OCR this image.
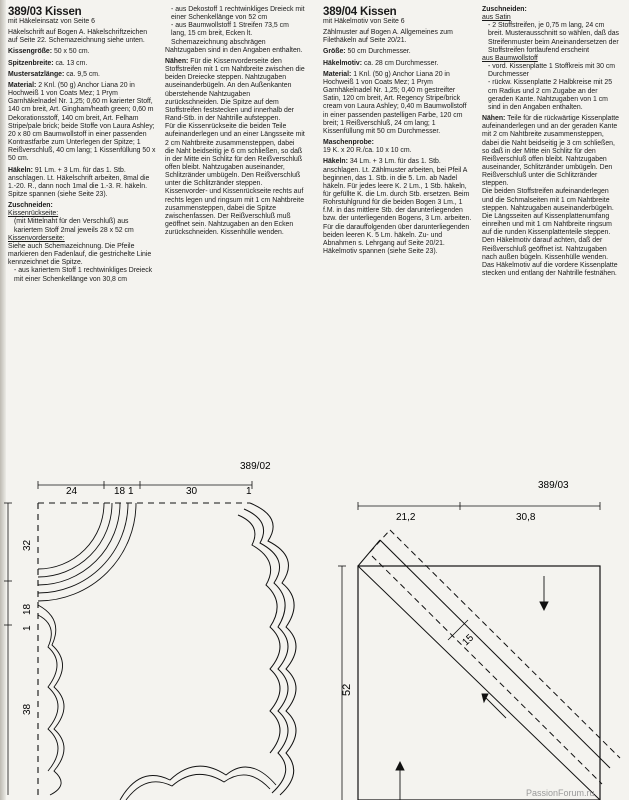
389/03 Kissen

mit Häkeleinsatz von Seite 6

Häkelschrift auf Bogen A. Häkelschriftzeichen auf Seite 22. Schemazeichnung siehe unten.

Kissengröße: 50 x 50 cm.

Spitzenbreite: ca. 13 cm.

Mustersatzlänge: ca. 9,5 cm.

Material: 2 Knl. (50 g) Anchor Liana 20 in Hochweiß 1 von Coats Mez; 1 Prym Garnhäkelnadel Nr. 1,25; 0,60 m karierter Stoff, 140 cm breit, Art. Gingham/heath green; 0,60 m Dekorationsstoff, 140 cm breit, Art. Felham Stripe/pale brick; beide Stoffe von Laura Ashley; 20 x 80 cm Baumwollstoff in einer passenden Kontrastfarbe zum Unterlegen der Spitze; 1 Reißverschluß, 40 cm lang; 1 Kissenfüllung 50 x 50 cm.

Häkeln: 91 Lm. + 3 Lm. für das 1. Stb. anschlagen. Lt. Häkelschrift arbeiten, 8mal die 1.-20. R., dann noch 1mal die 1.-3. R. häkeln. Spitze spannen (siehe Seite 23).

Zuschneiden:

Kissenrückseite:

(mit Mittelnaht für den Verschluß) aus kariertem Stoff 2mal jeweils 28 x 52 cm

Kissenvorderseite:

Siehe auch Schemazeichnung. Die Pfeile markieren den Fadenlauf, die gestrichelte Linie kennzeichnet die Spitze.

- aus kariertem Stoff 1 rechtwinkliges Dreieck mit einer Schenkellänge von 30,8 cm

- aus Dekostoff 1 rechtwinkliges Dreieck mit einer Schenkellänge von 52 cm

- aus Baumwollstoff 1 Streifen 73,5 cm lang, 15 cm breit, Ecken lt. Schemazeichnung abschrägen

Nahtzugaben sind in den Angaben enthalten.

Nähen: Für die Kissenvorderseite den Stoffstreifen mit 1 cm Nahtbreite zwischen die beiden Dreiecke steppen. Nahtzugaben auseinanderbügeln. An den Außenkanten überstehende Nahtzugaben zurückschneiden. Die Spitze auf dem Stoffstreifen feststecken und innerhalb der Rand-Stb. in der Nahtrille aufsteppen.

Für die Kissenrückseite die beiden Teile aufeinanderlegen und an einer Längsseite mit 2 cm Nahtbreite zusammensteppen, dabei die Naht beidseitig je 6 cm schließen, so daß in der Mitte ein Schlitz für den Reißverschluß offen bleibt. Nahtzugaben auseinander, Schlitzränder umbügeln. Den Reißverschluß unter die Schlitzränder steppen.

Kissenvorder- und Kissenrückseite rechts auf rechts legen und ringsum mit 1 cm Nahtbreite zusammensteppen, dabei die Spitze zwischenfassen. Der Reißverschluß muß geöffnet sein. Nahtzugaben an den Ecken zurückschneiden. Kissenhülle wenden.

389/04 Kissen

mit Häkelmotiv von Seite 6

Zählmuster auf Bogen A. Allgemeines zum Filethäkeln auf Seite 20/21.

Größe: 50 cm Durchmesser.

Häkelmotiv: ca. 28 cm Durchmesser.

Material: 1 Knl. (50 g) Anchor Liana 20 in Hochweiß 1 von Coats Mez; 1 Prym Garnhäkelnadel Nr. 1,25; 0,40 m gestreifter Satin, 120 cm breit, Art. Regency Stripe/brick cream von Laura Ashley; 0,40 m Baumwollstoff in einer passenden pastelligen Farbe, 120 cm breit; 1 Reißverschluß, 24 cm lang; 1 Kissenfüllung mit 50 cm Durchmesser.

Maschenprobe:

19 K. x 20 R./ca. 10 x 10 cm.

Häkeln: 34 Lm. + 3 Lm. für das 1. Stb. anschlagen. Lt. Zählmuster arbeiten, bei Pfeil A beginnen, das 1. Stb. in die 5. Lm. ab Nadel häkeln. Für jedes leere K. 2 Lm., 1 Stb. häkeln, für gefüllte K. die Lm. durch Stb. ersetzen. Beim Rohrstuhlgrund für die beiden Bogen 3 Lm., 1 f.M. in das mittlere Stb. der darunterliegenden bzw. der unterliegenden Bogens, 3 Lm. arbeiten. Für die darauffolgenden über darunterliegenden beiden leeren K. 5 Lm. häkeln. Zu- und Abnahmen s. Lehrgang auf Seite 20/21. Häkelmotiv spannen (siehe Seite 23).

Zuschneiden:

aus Satin

- 2 Stoffstreifen, je 0,75 m lang, 24 cm breit. Musterausschnitt so wählen, daß das Streifenmuster beim Aneinandersetzen der Stoffstreifen fortlaufend erscheint

aus Baumwollstoff

- vord. Kissenplatte 1 Stoffkreis mit 30 cm Durchmesser

- rückw. Kissenplatte 2 Halbkreise mit 25 cm Radius und 2 cm Zugabe an der geraden Kante. Nahtzugaben von 1 cm sind in den Angaben enthalten.

Nähen: Teile für die rückwärtige Kissenplatte aufeinanderlegen und an der geraden Kante mit 2 cm Nahtbreite zusammensteppen, dabei die Naht beidseitig je 3 cm schließen, so daß in der Mitte ein Schlitz für den Reißverschluß offen bleibt. Nahtzugaben auseinander, Schlitzränder umbügeln. Den Reißverschluß unter die Schlitzränder steppen.

Die beiden Stoffstreifen aufeinanderlegen und die Schmalseiten mit 1 cm Nahtbreite steppen. Nahtzugaben auseinanderbügeln. Die Längsseiten auf Kissenplattenumfang einreihen und mit 1 cm Nahtbreite ringsum auf die runden Kissenplattenteile steppen. Den Häkelmotiv darauf achten, daß der Reißverschluß geöffnet ist. Nahtzugaben nach außen bügeln. Kissenhülle wenden.

Das Häkelmotiv auf die vordere Kissenplatte stecken und entlang der Nahtrille festnähen.

389/02
24	18 1	30	1
32
18
1
38
389/03
21,2	30,8
52
15
PassionForum.ru
